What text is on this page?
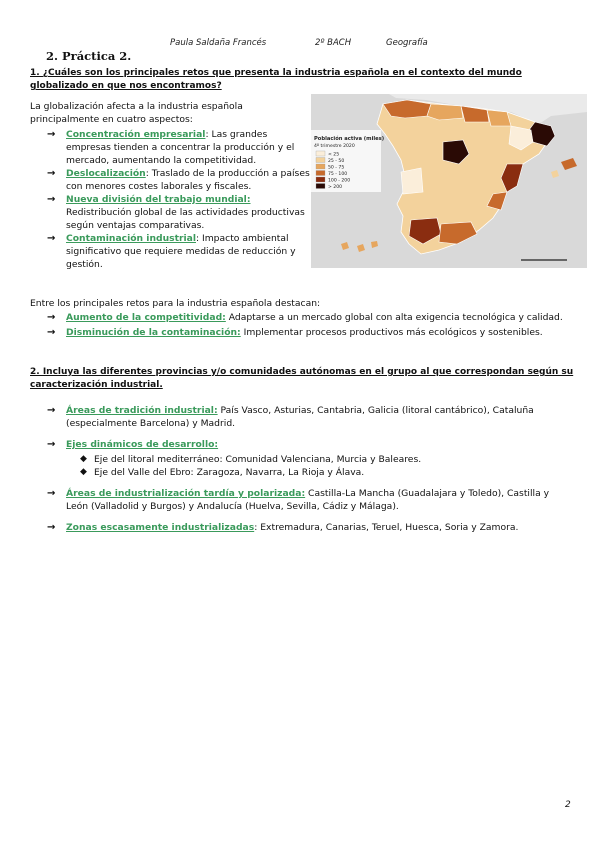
Paula Saldaña Francés	2º BACH	Geografía
2. Práctica 2.
1. ¿Cuáles son los principales retos que presenta la industria española en el contexto del mundo globalizado en que nos encontramos?
La globalización afecta a la industria española principalmente en cuatro aspectos:
→ Concentración empresarial: Las grandes empresas tienden a concentrar la producción y el mercado, aumentando la competitividad.
→ Deslocalización: Traslado de la producción a países con menores costes laborales y fiscales.
→ Nueva división del trabajo mundial: Redistribución global de las actividades productivas según ventajas comparativas.
→ Contaminación industrial: Impacto ambiental significativo que requiere medidas de reducción y gestión.
Población activa (miles)
4º trimestre 2020
< 25
25 - 50
50 - 75
75 - 100
100 - 200
> 200
Entre los principales retos para la industria española destacan:
→ Aumento de la competitividad: Adaptarse a un mercado global con alta exigencia tecnológica y calidad.
→ Disminución de la contaminación: Implementar procesos productivos más ecológicos y sostenibles.
2. Incluya las diferentes provincias y/o comunidades autónomas en el grupo al que correspondan según su caracterización industrial.
→ Áreas de tradición industrial: País Vasco, Asturias, Cantabria, Galicia (litoral cantábrico), Cataluña (especialmente Barcelona) y Madrid.
→ Ejes dinámicos de desarrollo:
◆ Eje del litoral mediterráneo: Comunidad Valenciana, Murcia y Baleares.
◆ Eje del Valle del Ebro: Zaragoza, Navarra, La Rioja y Álava.
→ Áreas de industrialización tardía y polarizada: Castilla-La Mancha (Guadalajara y Toledo), Castilla y León (Valladolid y Burgos) y Andalucía (Huelva, Sevilla, Cádiz y Málaga).
→ Zonas escasamente industrializadas: Extremadura, Canarias, Teruel, Huesca, Soria y Zamora.
2
